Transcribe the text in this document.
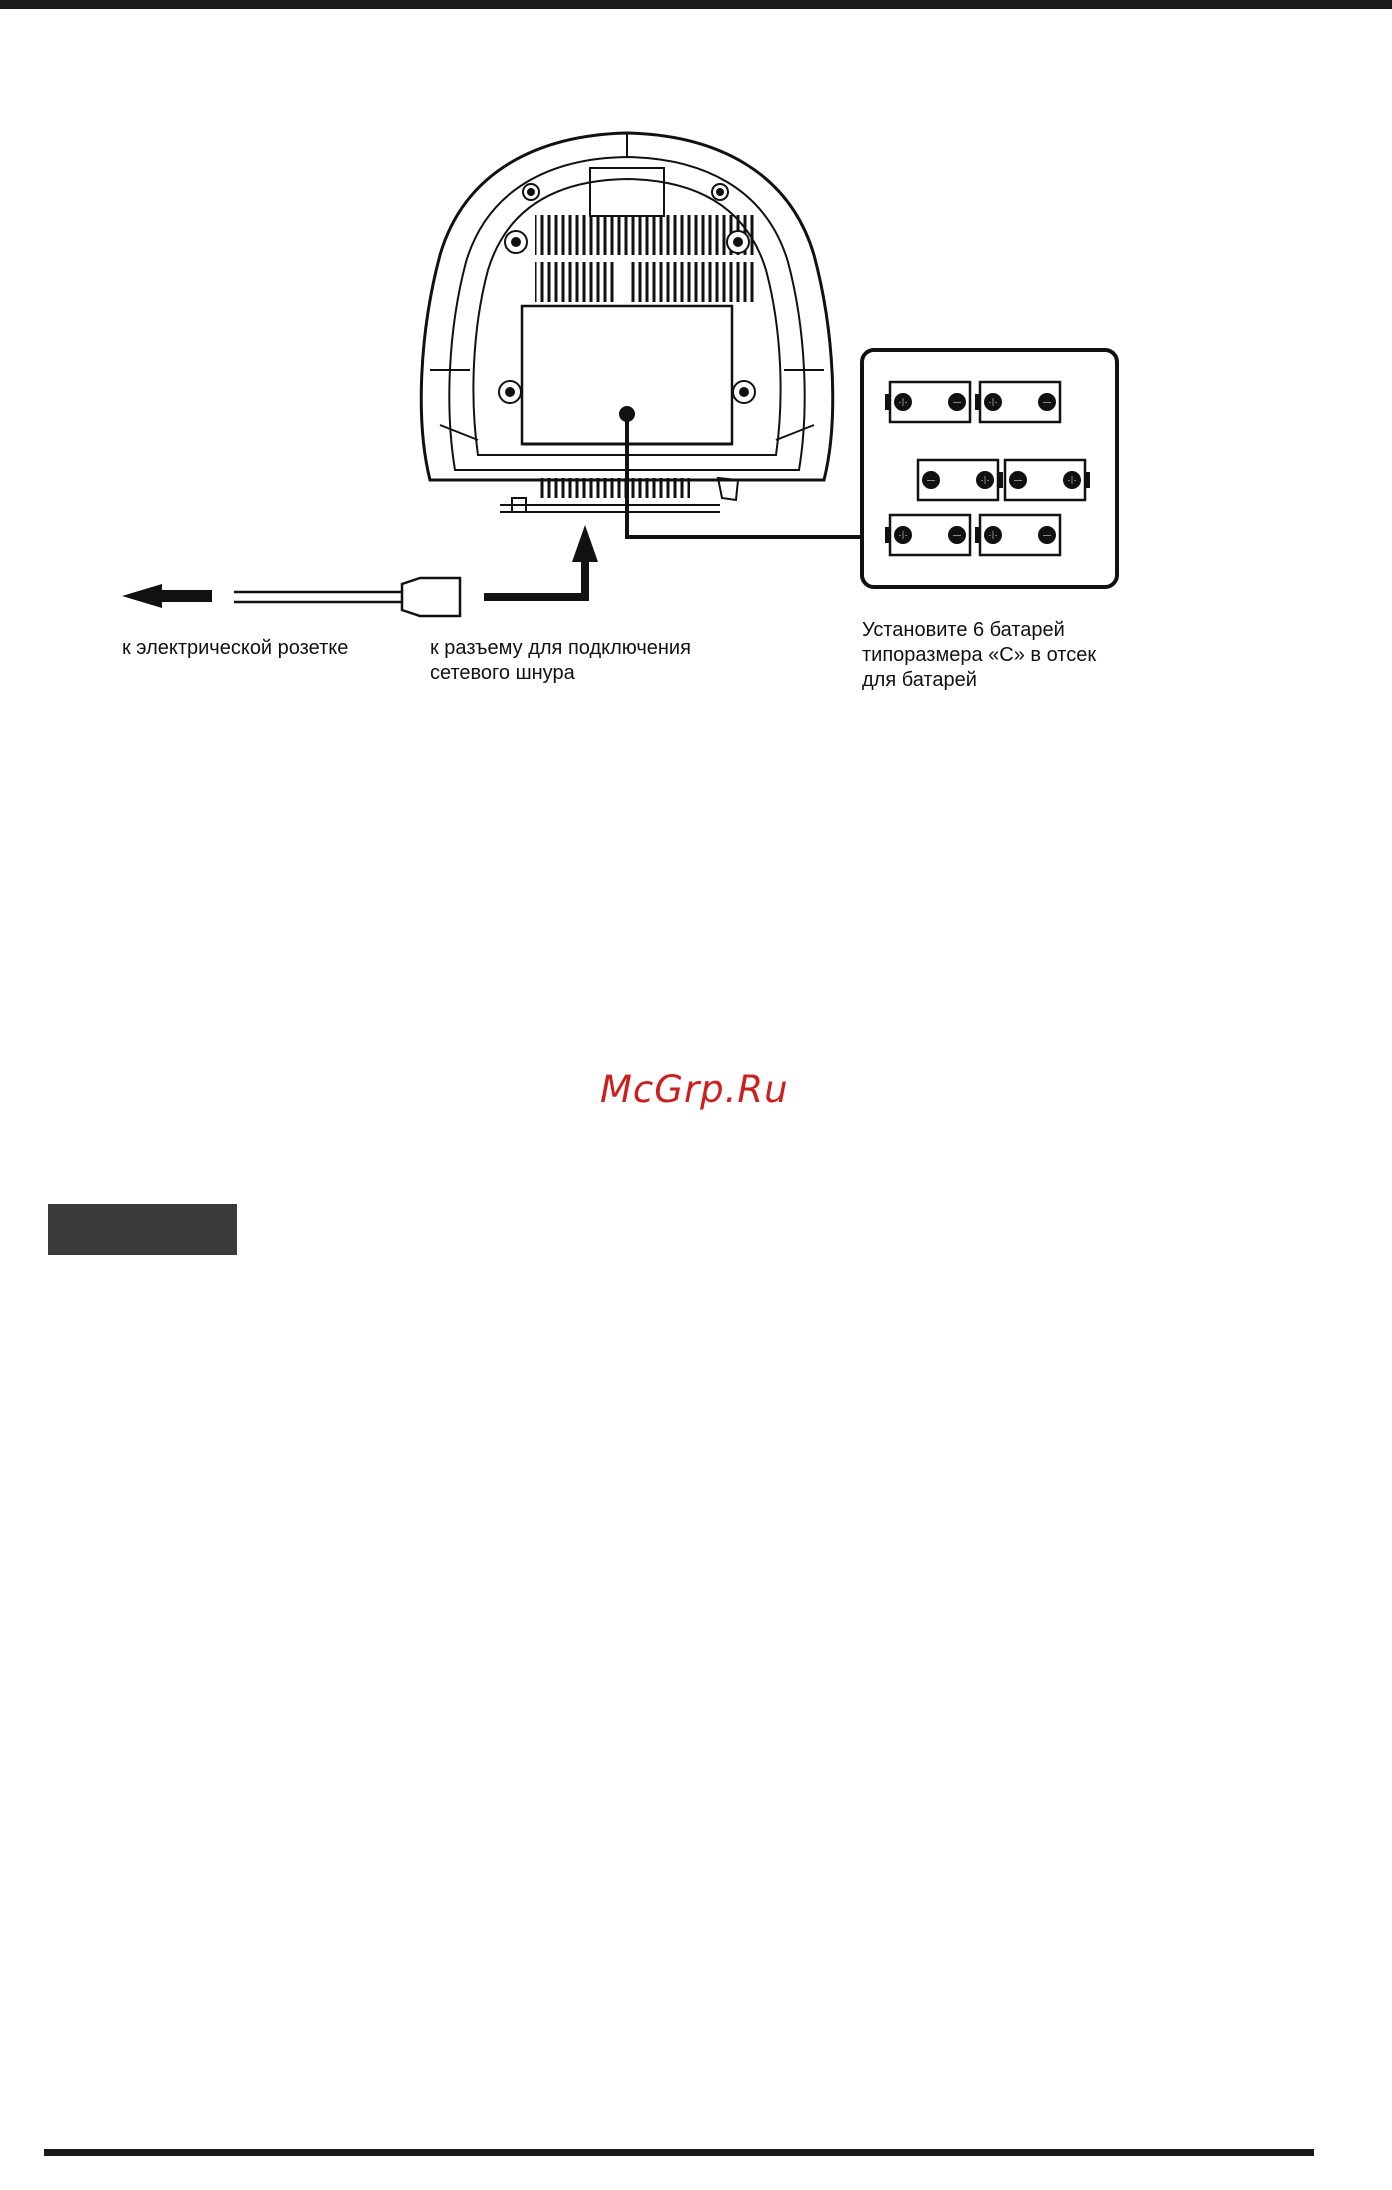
к электрической розетке	к разъему для подключения
сетевого шнура
Установите 6 батарей
типоразмера «С» в отсек
для батарей
McGrp.Ru
